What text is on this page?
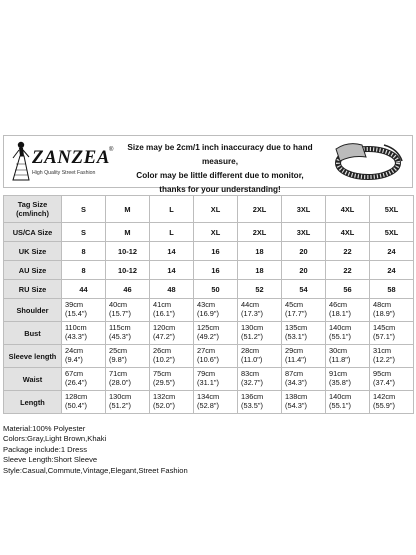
ZANZEA ®
High Quality Street Fashion
Size may be 2cm/1 inch inaccuracy due to hand measure,
Color may be little different due to monitor,
thanks for your understanding!
Tag Size (cm/inch)	S	M	L	XL	2XL	3XL	4XL	5XL
US/CA Size	S	M	L	XL	2XL	3XL	4XL	5XL
UK Size	8	10-12	14	16	18	20	22	24
AU Size	8	10-12	14	16	18	20	22	24
RU Size	44	46	48	50	52	54	56	58
Shoulder	39cm
(15.4")	40cm
(15.7")	41cm
(16.1")	43cm
(16.9")	44cm
(17.3")	45cm
(17.7")	46cm
(18.1")	48cm
(18.9")

Bust	110cm
(43.3")	115cm
(45.3")	120cm
(47.2")	125cm
(49.2")	130cm
(51.2")	135cm
(53.1")	140cm
(55.1")	145cm
(57.1")

Sleeve length	24cm
(9.4")	25cm
(9.8")	26cm
(10.2")	27cm
(10.6")	28cm
(11.0")	29cm
(11.4")	30cm
(11.8")	31cm
(12.2")

Waist	67cm
(26.4")	71cm
(28.0")	75cm
(29.5")	79cm
(31.1")	83cm
(32.7")	87cm
(34.3")	91cm
(35.8")	95cm
(37.4")

Length	128cm
(50.4")	130cm
(51.2")	132cm
(52.0")	134cm
(52.8")	136cm
(53.5")	138cm
(54.3")	140cm
(55.1")	142cm
(55.9")
Material:100% Polyester
Colors:Gray,Light Brown,Khaki
Package include:1 Dress
Sleeve Length:Short Sleeve
Style:Casual,Commute,Vintage,Elegant,Street Fashion
